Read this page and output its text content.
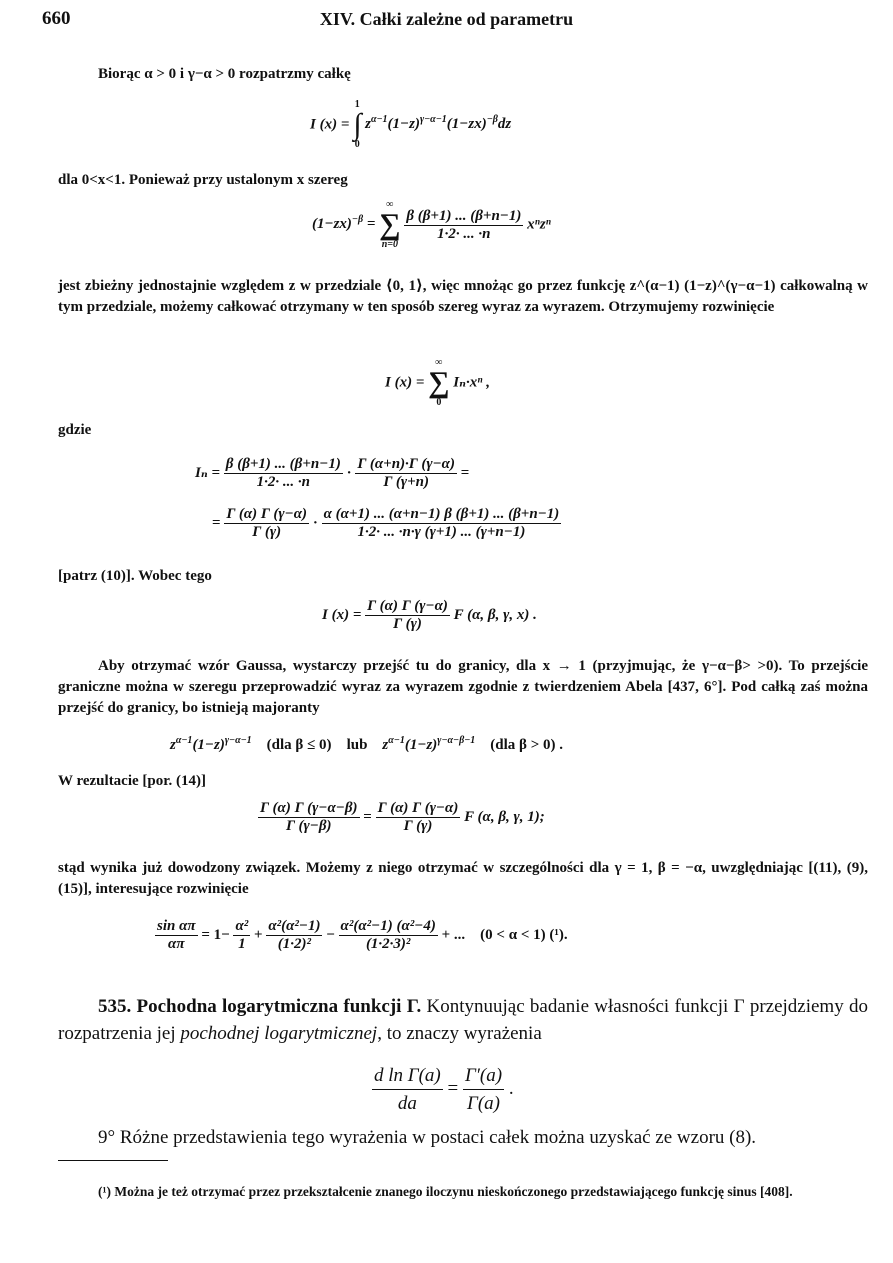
660	XIV. Całki zależne od parametru
Biorąc α > 0 i γ−α > 0 rozpatrzmy całkę
I (x) =
1
∫
0
$z^{\alpha-1}(1-z)^{\gamma-\alpha-1}(1-zx)^{-\beta}dz$
dla 0<x<1. Ponieważ przy ustalonym x szereg
$(1-zx)^{-\beta}$ =
∞
∑
n=0

$\frac{\beta (\beta+1) ... (\beta+n-1)}{1\cdot 2\cdot ... \cdot n}$ xⁿzⁿ
jest zbieżny jednostajnie względem z w przedziale ⟨0, 1⟩, więc mnożąc go przez funkcję z^(α−1) (1−z)^(γ−α−1) całkowalną w tym przedziale, możemy całkować otrzymany w ten sposób szereg wyraz za wyrazem. Otrzymujemy rozwinięcie
I (x) =
∞
∑
0
Iₙ·xⁿ ,
gdzie
$I_n = \frac{\beta (\beta+1) ... (\beta+n-1)}{1\cdot 2\cdot ... \cdot n} \cdot \frac{\Gamma (\alpha+n)\cdot\Gamma (\gamma-\alpha)}{\Gamma (\gamma+n)}$ =
= $\frac{\Gamma (\alpha) \Gamma (\gamma-\alpha)}{\Gamma (\gamma)} \cdot \frac{\alpha (\alpha+1) ... (\alpha+n-1) \beta (\beta+1) ... (\beta+n-1)}{1\cdot 2\cdot ... \cdot n\cdot\gamma (\gamma+1) ... (\gamma+n-1)}$
[patrz (10)]. Wobec tego
I $(x) = \frac{\Gamma (\alpha) \Gamma (\gamma-\alpha)}{\Gamma (\gamma)}$ F (α, β, γ, x) .
Aby otrzymać wzór Gaussa, wystarczy przejść tu do granicy, dla x → 1 (przyjmując, że γ−α−β> >0). To przejście graniczne można w szeregu przeprowadzić wyraz za wyrazem zgodnie z twierdzeniem Abela [437, 6°]. Pod całką zaś można przejść do granicy, bo istnieją majoranty
$z^{\alpha-1}(1-z)^{\gamma-\alpha-1}$ (dla β ≤ 0) lub $z^{\alpha-1}(1-z)^{\gamma-\alpha-\beta-1}$ (dla β > 0) .
W rezultacie [por. (14)]
$\frac{\Gamma (\alpha) \Gamma (\gamma-\alpha-\beta)}{\Gamma (\gamma-\beta)} = \frac{\Gamma (\alpha) \Gamma (\gamma-\alpha)}{\Gamma (\gamma)}$ F (α, β, γ, 1);
stąd wynika już dowodzony związek. Możemy z niego otrzymać w szczególności dla γ = 1, β = −α, uwzględniając [(11), (9), (15)], interesujące rozwinięcie
$\frac{\text{sin απ}}{\alpha\pi} = 1- \frac{\text{α²}}{1} + \frac{\text{α²(α²−1)}}{\text{(1·2)²}} - \frac{\text{α²(α²−1) (α²−4)}}{\text{(1·2·3)²}}$ + ... (0 < α < 1) (¹).
535. Pochodna logarytmiczna funkcji Γ. Kontynuując badanie własności funkcji Γ przejdziemy do rozpatrzenia jej pochodnej logarytmicznej, to znaczy wyrażenia
$\frac{\text{d ln Γ(a)}}{da} = \frac{\Gamma'(a)}{\Gamma(a)}$ .
9° Różne przedstawienia tego wyrażenia w postaci całek można uzyskać ze wzoru (8).
(¹) Można je też otrzymać przez przekształcenie znanego iloczynu nieskończonego przedstawiającego funkcję sinus [408].
